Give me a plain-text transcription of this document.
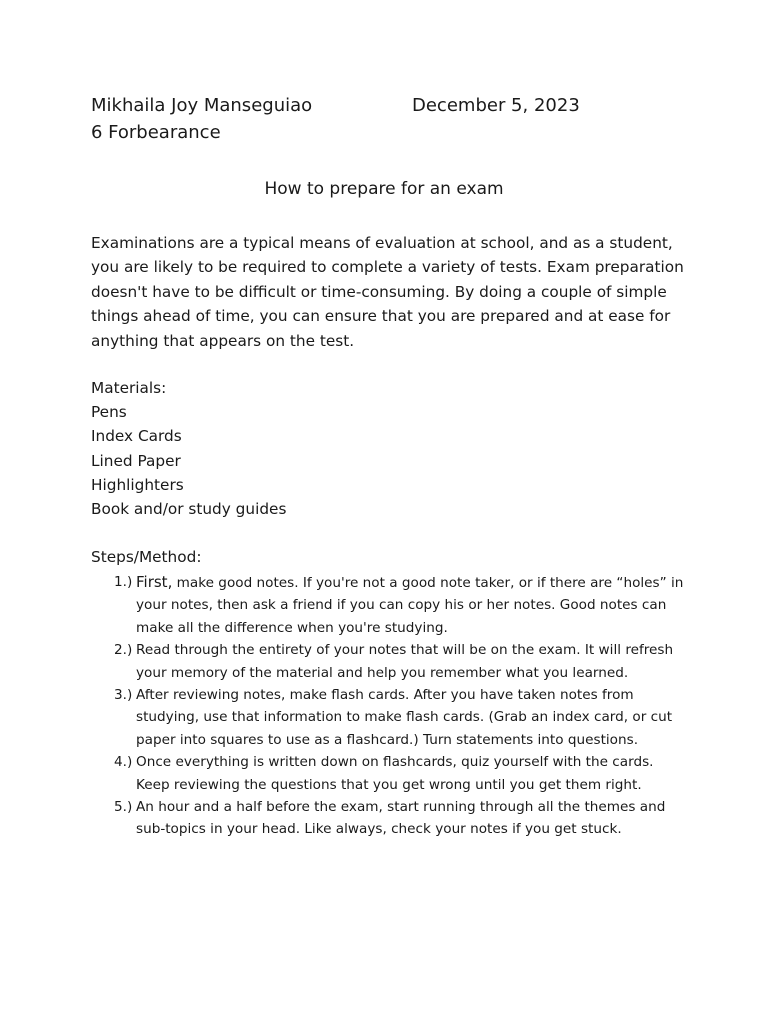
Mikhaila Joy Manseguiao	December 5, 2023
6 Forbearance
How to prepare for an exam

Examinations are a typical means of evaluation at school, and as a student, you are likely to be required to complete a variety of tests. Exam preparation doesn't have to be difficult or time-consuming. By doing a couple of simple things ahead of time, you can ensure that you are prepared and at ease for anything that appears on the test.

Materials:
Pens
Index Cards
Lined Paper
Highlighters
Book and/or study guides
Steps/Method:
1.) First, make good notes. If you're not a good note taker, or if there are “holes” in your notes, then ask a friend if you can copy his or her notes. Good notes can make all the difference when you're studying.
2.) Read through the entirety of your notes that will be on the exam. It will refresh your memory of the material and help you remember what you learned.
3.) After reviewing notes, make flash cards. After you have taken notes from studying, use that information to make flash cards. (Grab an index card, or cut paper into squares to use as a flashcard.) Turn statements into questions.
4.) Once everything is written down on flashcards, quiz yourself with the cards. Keep reviewing the questions that you get wrong until you get them right.
5.) An hour and a half before the exam, start running through all the themes and sub-topics in your head. Like always, check your notes if you get stuck.
